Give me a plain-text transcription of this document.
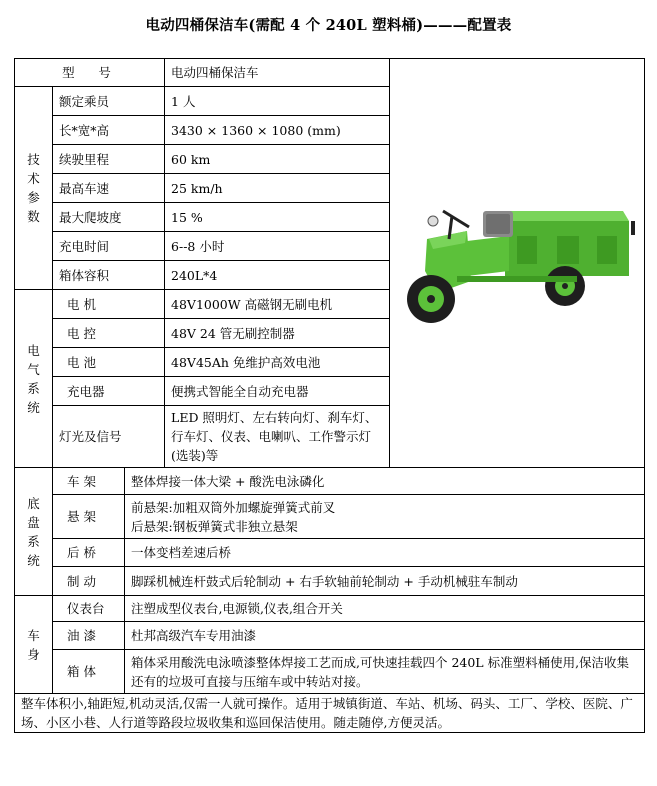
电动四桶保洁车(需配 4 个 240L 塑料桶)———配置表
型      号			电动四桶保洁车	
技术参数	额定乘员		1 人	
	长*宽*高		3430 × 1360 × 1080 (mm)	
	续驶里程		60 km	
	最高车速		25 km/h	
	最大爬坡度		15 %	
	充电时间		6--8 小时	
	箱体容积		240L*4	
电气系统	电 机		48V1000W 高磁钢无刷电机	
	电 控		48V 24 管无刷控制器	
	电 池		48V45Ah 免维护高效电池	
	充电器		便携式智能全自动充电器	
	灯光及信号		LED 照明灯、左右转向灯、刹车灯、行车灯、仪表、电喇叭、工作警示灯(选装)等	
底盘系统	车 架	整体焊接一体大梁 + 酸洗电泳磷化		
	悬 架	前悬架:加粗双筒外加螺旋弹簧式前叉
后悬架:钢板弹簧式非独立悬架		

	后 桥	一体变档差速后桥		
	制 动	脚踩机械连杆鼓式后轮制动 + 右手软轴前轮制动 + 手动机械驻车制动		
车身	仪表台	注塑成型仪表台,电源锁,仪表,组合开关		
	油 漆	杜邦高级汽车专用油漆		
	箱 体	箱体采用酸洗电泳喷漆整体焊接工艺而成,可快速挂载四个 240L 标准塑料桶使用,保洁收集还有的垃圾可直接与压缩车或中转站对接。		
整车体积小,轴距短,机动灵活,仅需一人就可操作。适用于城镇街道、车站、机场、码头、工厂、学校、医院、广场、小区小巷、人行道等路段垃圾收集和巡回保洁使用。随走随停,方便灵活。				
